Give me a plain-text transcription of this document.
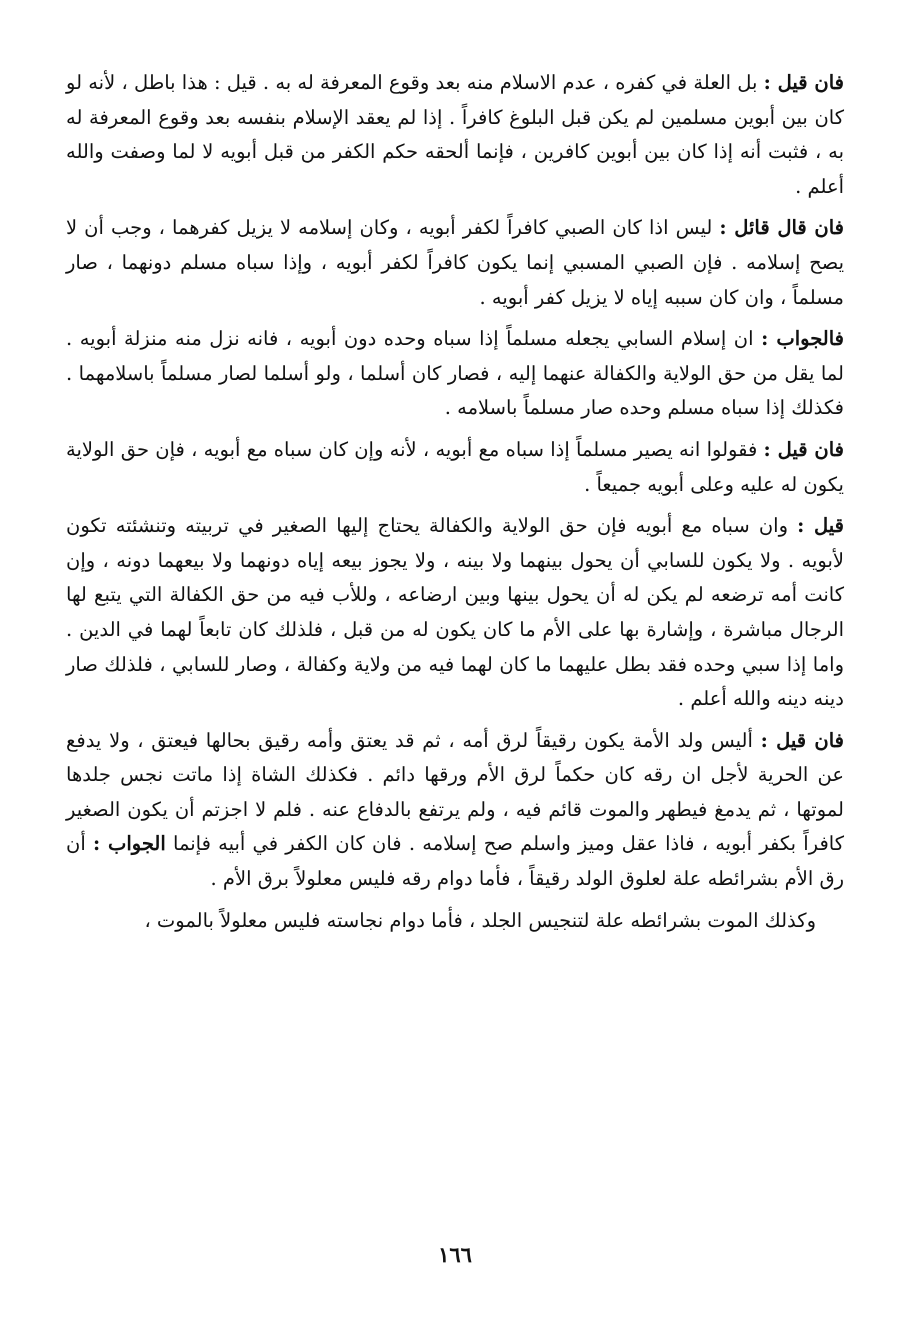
فان قيل : بل العلة في كفره ، عدم الاسلام منه بعد وقوع المعرفة له به . قيل : هذا باطل ، لأنه لو كان بين أبوين مسلمين لم يكن قبل البلوغ كافراً . إذا لم يعقد الإسلام بنفسه بعد وقوع المعرفة له به ، فثبت أنه إذا كان بين أبوين كافرين ، فإنما ألحقه حكم الكفر من قبل أبويه لا لما وصفت والله أعلم .

فان قال قائل : ليس اذا كان الصبي كافراً لكفر أبويه ، وكان إسلامه لا يزيل كفرهما ، وجب أن لا يصح إسلامه . فإن الصبي المسبي إنما يكون كافراً لكفر أبويه ، وإذا سباه مسلم دونهما ، صار مسلماً ، وان كان سببه إياه لا يزيل كفر أبويه .

فالجواب : ان إسلام السابي يجعله مسلماً إذا سباه وحده دون أبويه ، فانه نزل منه منزلة أبويه . لما يقل من حق الولاية والكفالة عنهما إليه ، فصار كان أسلما ، ولو أسلما لصار مسلماً باسلامهما . فكذلك إذا سباه مسلم وحده صار مسلماً باسلامه .

فان قيل : فقولوا انه يصير مسلماً إذا سباه مع أبويه ، لأنه وإن كان سباه مع أبويه ، فإن حق الولاية يكون له عليه وعلى أبويه جميعاً .

قيل : وان سباه مع أبويه فإن حق الولاية والكفالة يحتاج إليها الصغير في تربيته وتنشئته تكون لأبويه . ولا يكون للسابي أن يحول بينهما ولا بينه ، ولا يجوز بيعه إياه دونهما ولا بيعهما دونه ، وإن كانت أمه ترضعه لم يكن له أن يحول بينها وبين ارضاعه ، وللأب فيه من حق الكفالة التي يتبع لها الرجال مباشرة ، وإشارة بها على الأم ما كان يكون له من قبل ، فلذلك كان تابعاً لهما في الدين . واما إذا سبي وحده فقد بطل عليهما ما كان لهما فيه من ولاية وكفالة ، وصار للسابي ، فلذلك صار دينه دينه والله أعلم .

فان قيل : أليس ولد الأمة يكون رقيقاً لرق أمه ، ثم قد يعتق وأمه رقيق بحالها فيعتق ، ولا يدفع عن الحرية لأجل ان رقه كان حكماً لرق الأم ورقها دائم . فكذلك الشاة إذا ماتت نجس جلدها لموتها ، ثم يدمغ فيطهر والموت قائم فيه ، ولم يرتفع بالدفاع عنه . فلم لا اجزتم أن يكون الصغير كافراً بكفر أبويه ، فاذا عقل وميز واسلم صح إسلامه . فان كان الكفر في أبيه فإنما الجواب : أن رق الأم بشرائطه علة لعلوق الولد رقيقاً ، فأما دوام رقه فليس معلولاً برق الأم .

وكذلك الموت بشرائطه علة لتنجيس الجلد ، فأما دوام نجاسته فليس معلولاً بالموت ،

١٦٦
